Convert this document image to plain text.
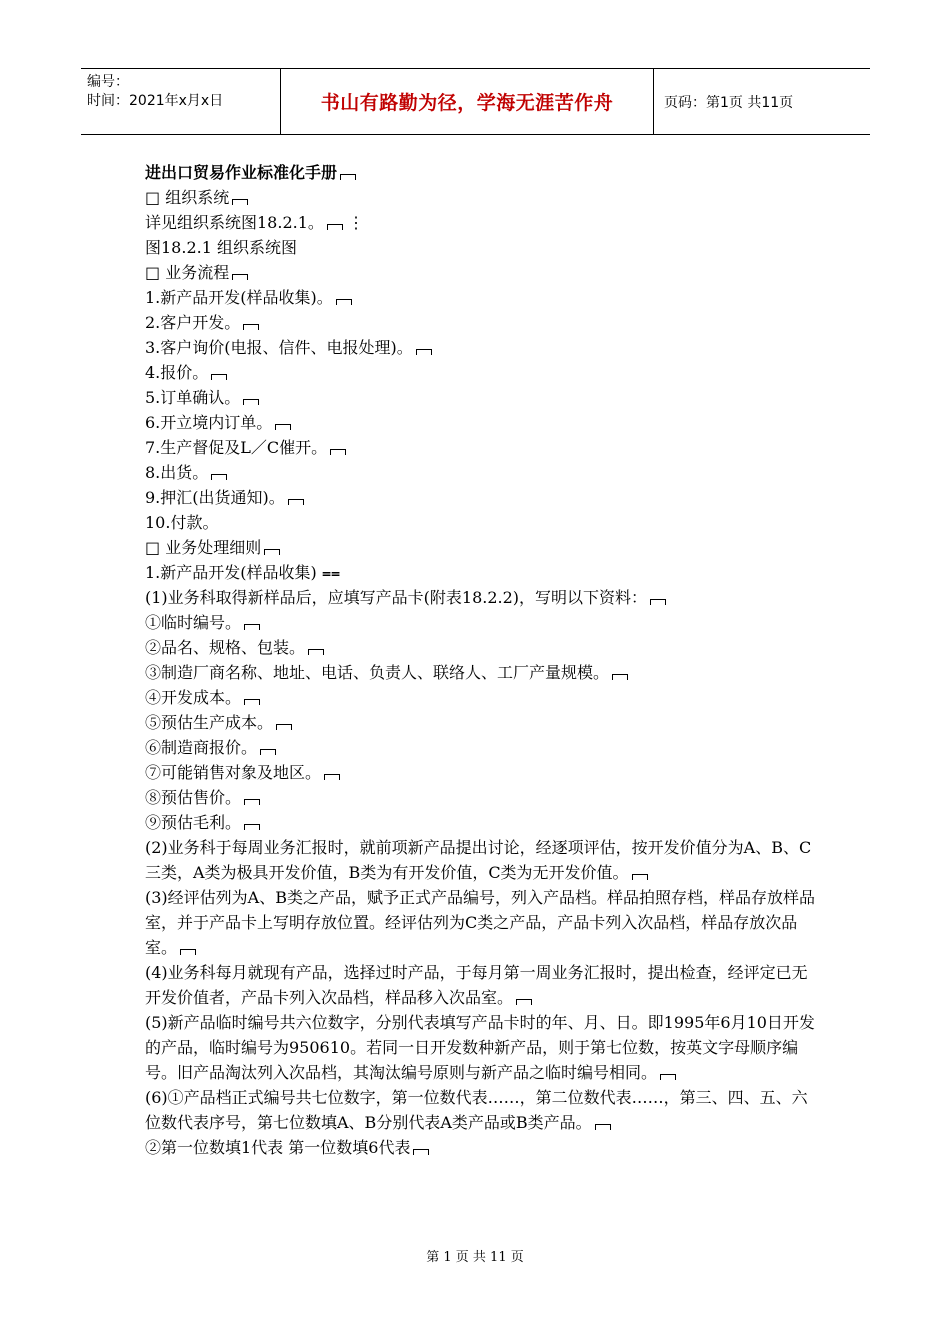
编号：
时间：2021年x月x日	书山有路勤为径，学海无涯苦作舟	页码：第1页 共11页

进出口贸易作业标准化手册

□ 组织系统

详见组织系统图18.2.1。 ⋮

图18.2.1 组织系统图

□ 业务流程

1.新产品开发(样品收集)。

2.客户开发。

3.客户询价(电报、信件、电报处理)。

4.报价。

5.订单确认。

6.开立境内订单。

7.生产督促及L／C催开。

8.出货。

9.押汇(出货通知)。

10.付款。

□ 业务处理细则

1.新产品开发(样品收集) ⩵

(1)业务科取得新样品后，应填写产品卡(附表18.2.2)，写明以下资料：

①临时编号。

②品名、规格、包装。

③制造厂商名称、地址、电话、负责人、联络人、工厂产量规模。

④开发成本。

⑤预估生产成本。

⑥制造商报价。

⑦可能销售对象及地区。

⑧预估售价。

⑨预估毛利。

(2)业务科于每周业务汇报时，就前项新产品提出讨论，经逐项评估，按开发价值分为A、B、C三类，A类为极具开发价值，B类为有开发价值，C类为无开发价值。

(3)经评估列为A、B类之产品，赋予正式产品编号，列入产品档。样品拍照存档，样品存放样品室，并于产品卡上写明存放位置。经评估列为C类之产品，产品卡列入次品档，样品存放次品室。

(4)业务科每月就现有产品，选择过时产品，于每月第一周业务汇报时，提出检查，经评定已无开发价值者，产品卡列入次品档，样品移入次品室。

(5)新产品临时编号共六位数字，分别代表填写产品卡时的年、月、日。即1995年6月10日开发的产品，临时编号为950610。若同一日开发数种新产品，则于第七位数，按英文字母顺序编号。旧产品淘汰列入次品档，其淘汰编号原则与新产品之临时编号相同。

(6)①产品档正式编号共七位数字，第一位数代表……，第二位数代表……，第三、四、五、六位数代表序号，第七位数填A、B分别代表A类产品或B类产品。

②第一位数填1代表 第一位数填6代表

第 1 页 共 11 页
